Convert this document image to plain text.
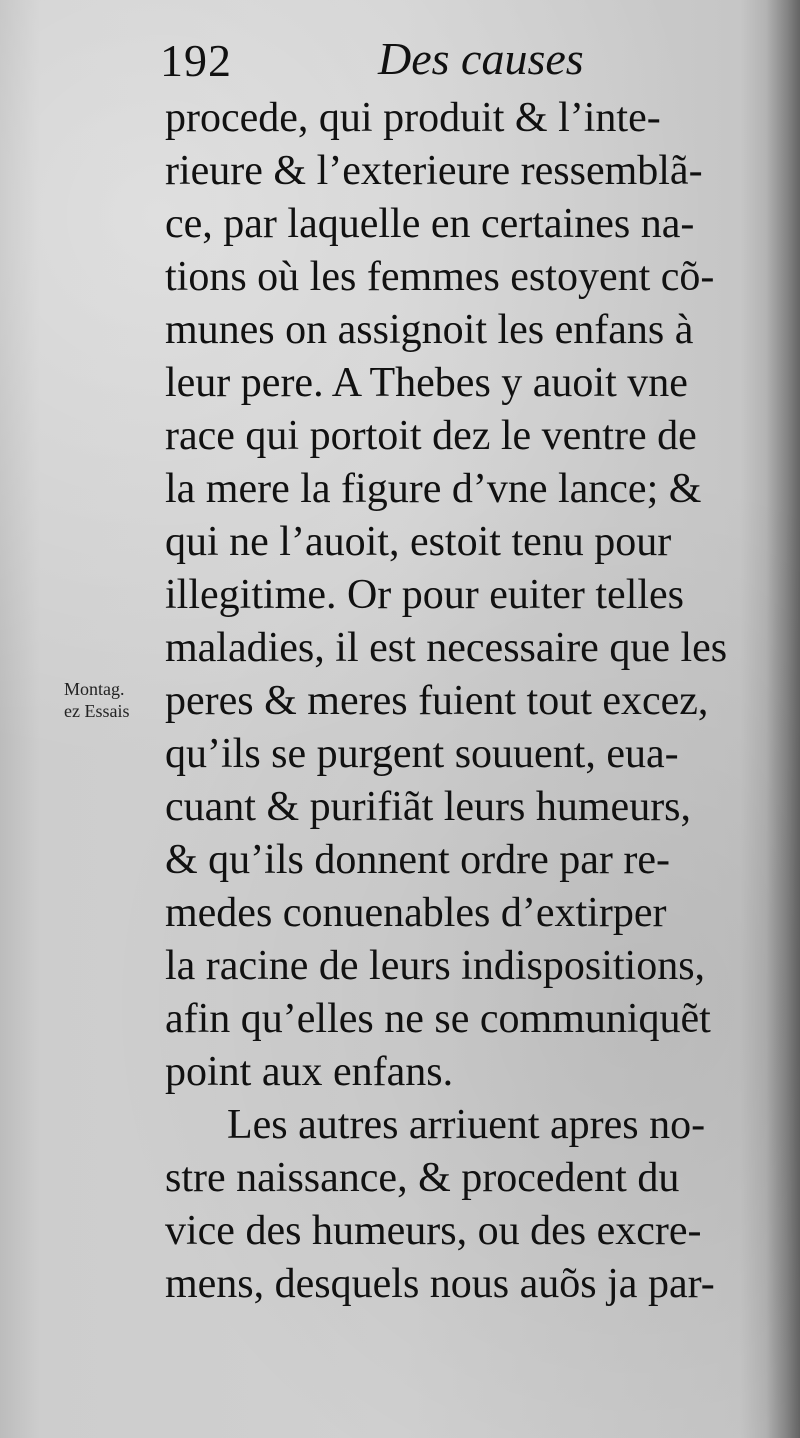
192	Des causes
Montag.
ez Essais
procede, qui produit & l’inte-
rieure & l’exterieure ressemblã-
ce, par laquelle en certaines na-
tions où les femmes estoyent cõ-
munes on assignoit les enfans à
leur pere. A Thebes y auoit vne
race qui portoit dez le ventre de
la mere la figure d’vne lance; &
qui ne l’auoit, estoit tenu pour
illegitime. Or pour euiter telles
maladies, il est necessaire que les
peres & meres fuient tout excez,
qu’ils se purgent souuent, eua-
cuant & purifiãt leurs humeurs,
& qu’ils donnent ordre par re-
medes conuenables d’extirper
la racine de leurs indispositions,
afin qu’elles ne se communiquẽt
point aux enfans.
Les autres arriuent apres no-
stre naissance, & procedent du
vice des humeurs, ou des excre-
mens, desquels nous auõs ja par-
